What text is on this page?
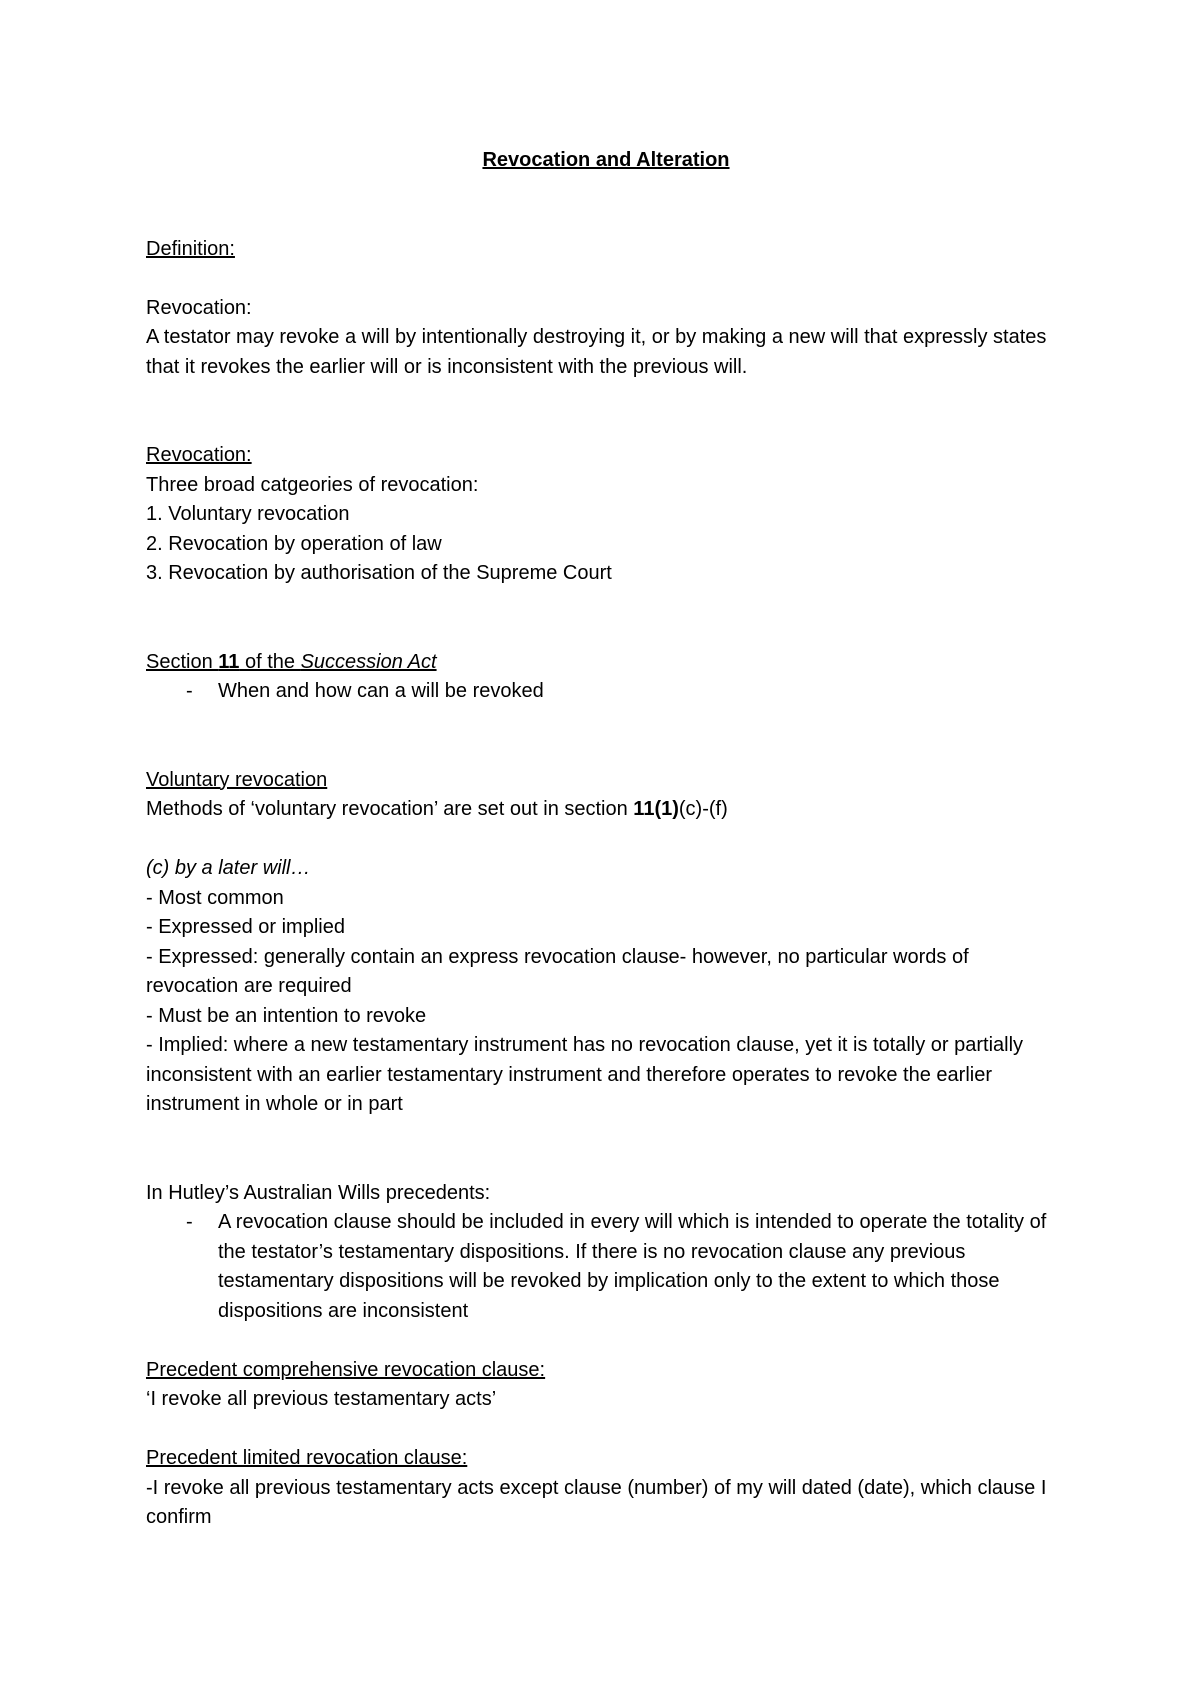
Revocation and Alteration

Definition:

Revocation:

A testator may revoke a will by intentionally destroying it, or by making a new will that expressly states that it revokes the earlier will or is inconsistent with the previous will.

Revocation:

Three broad catgeories of revocation:

1. Voluntary revocation

2. Revocation by operation of law

3. Revocation by authorisation of the Supreme Court

Section 11 of the Succession Act

-	When and how can a will be revoked

Voluntary revocation

Methods of ‘voluntary revocation’ are set out in section 11(1)(c)-(f)

(c) by a later will…

- Most common

- Expressed or implied

- Expressed: generally contain an express revocation clause- however, no particular words of revocation are required

- Must be an intention to revoke

- Implied: where a new testamentary instrument has no revocation clause, yet it is totally or partially inconsistent with an earlier testamentary instrument and therefore operates to revoke the earlier instrument in whole or in part

In Hutley’s Australian Wills precedents:

-	A revocation clause should be included in every will which is intended to operate the totality of the testator’s testamentary dispositions. If there is no revocation clause any previous testamentary dispositions will be revoked by implication only to the extent to which those dispositions are inconsistent

Precedent comprehensive revocation clause:

‘I revoke all previous testamentary acts’

Precedent limited revocation clause:

-I revoke all previous testamentary acts except clause (number) of my will dated (date), which clause I confirm
